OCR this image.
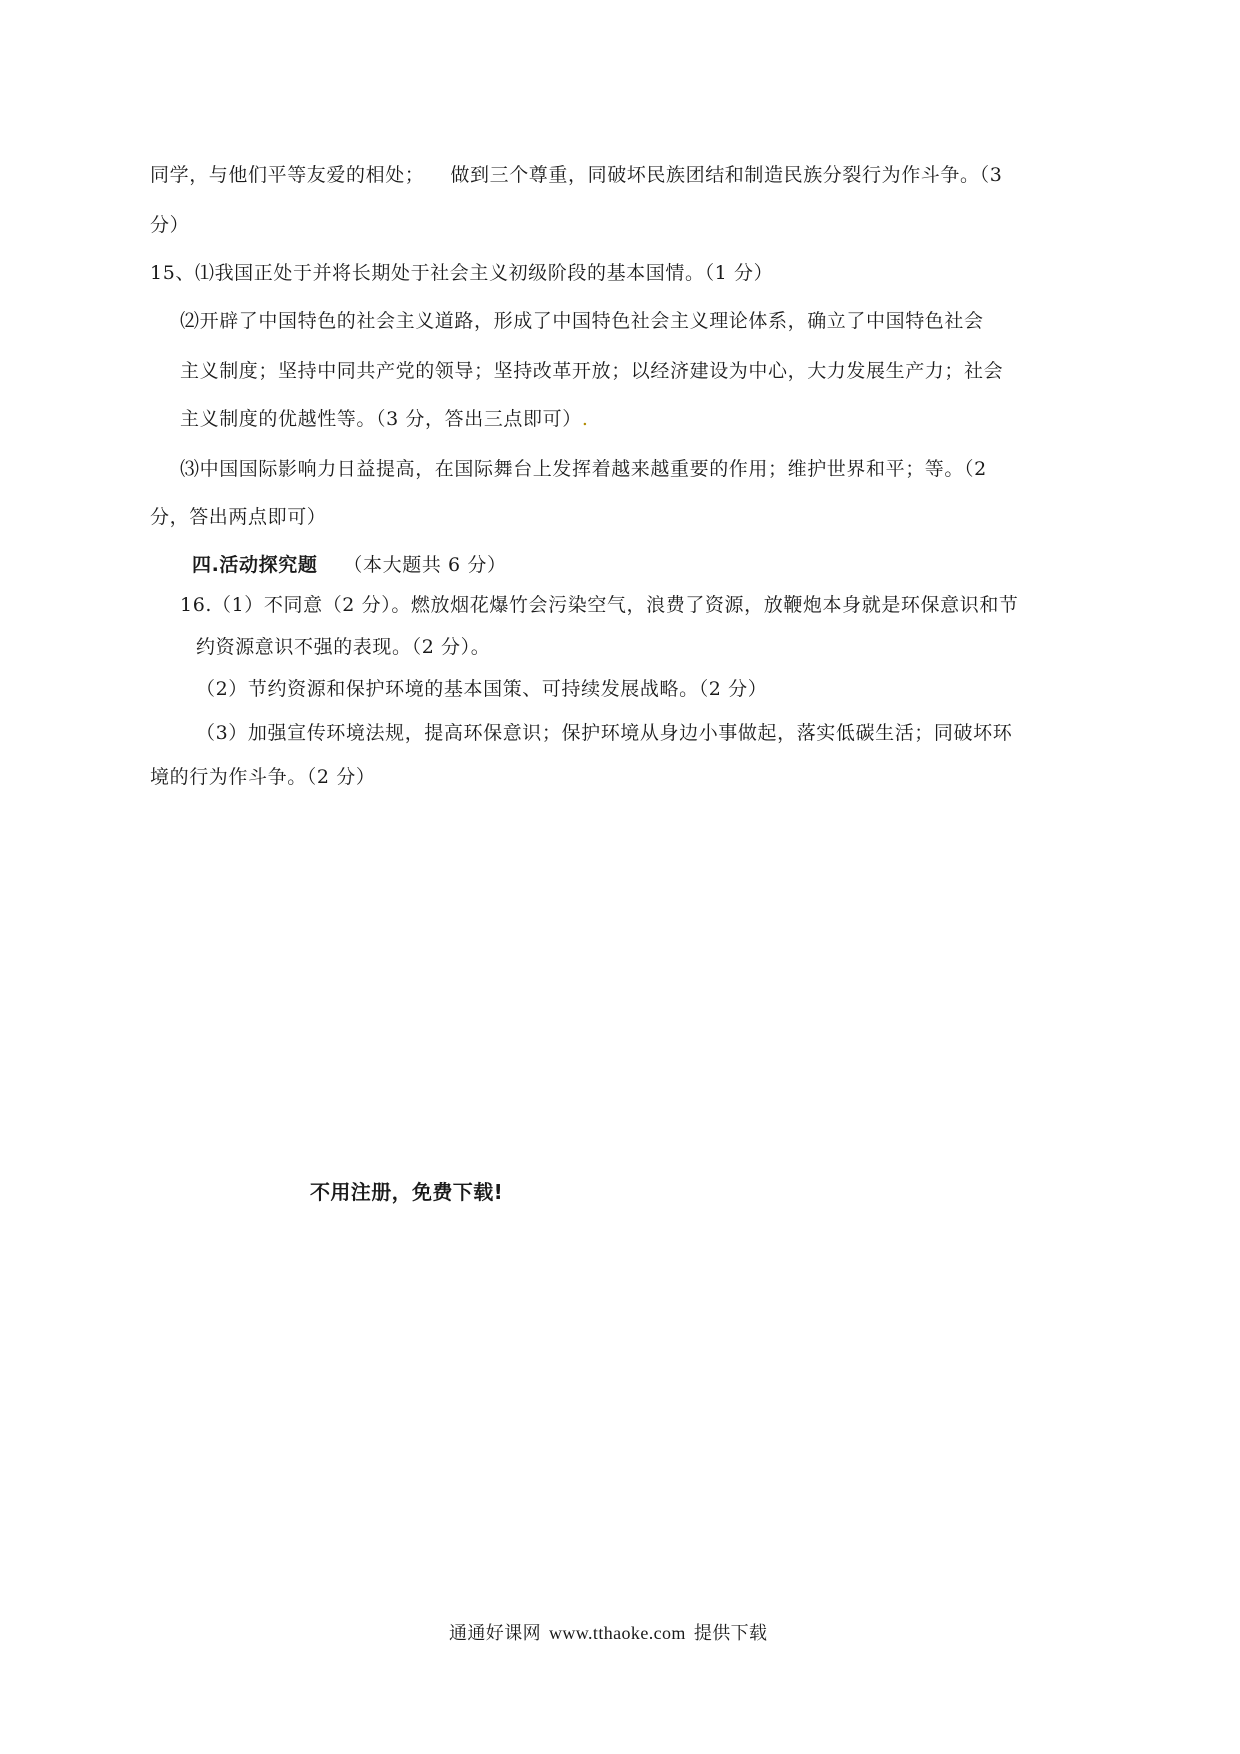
同学，与他们平等友爱的相处； 做到三个尊重，同破坏民族团结和制造民族分裂行为作斗争。（3
分）
15、⑴我国正处于并将长期处于社会主义初级阶段的基本国情。（1 分）
⑵开辟了中国特色的社会主义道路，形成了中国特色社会主义理论体系，确立了中国特色社会
主义制度；坚持中同共产党的领导；坚持改革开放；以经济建设为中心，大力发展生产力；社会
主义制度的优越性等。（3 分，答出三点即可）.
⑶中国国际影响力日益提高，在国际舞台上发挥着越来越重要的作用；维护世界和平；等。（2
分，答出两点即可）
四.活动探究题 （本大题共 6 分）
16.（1）不同意（2 分）。燃放烟花爆竹会污染空气，浪费了资源，放鞭炮本身就是环保意识和节
约资源意识不强的表现。（2 分）。
（2）节约资源和保护环境的基本国策、可持续发展战略。（2 分）
（3）加强宣传环境法规，提高环保意识；保护环境从身边小事做起，落实低碳生活；同破坏环
境的行为作斗争。（2 分）
不用注册，免费下载!
通通好课网 www.tthaoke.com 提供下载
